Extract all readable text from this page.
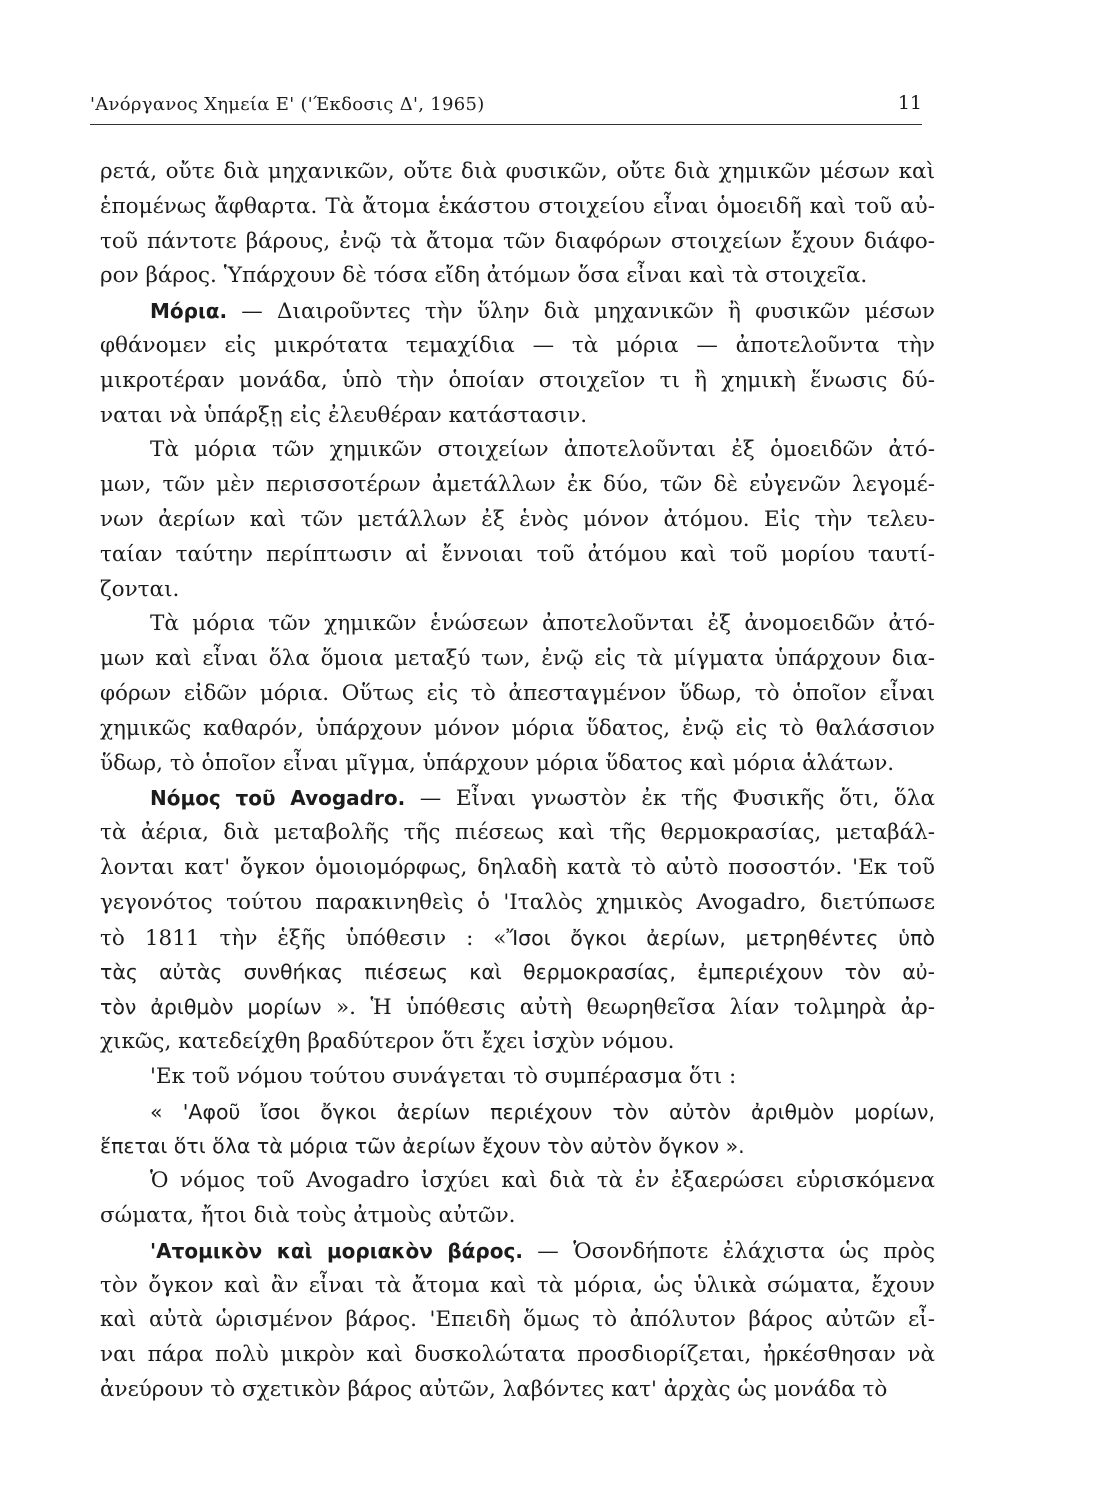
'Ανόργανος Χημεία Ε' ('Έκδοσις Δ', 1965)	11
ρετά, οὔτε διὰ μηχανικῶν, οὔτε διὰ φυσικῶν, οὔτε διὰ χημικῶν μέσων καὶ
ἑπομένως ἄφθαρτα. Τὰ ἄτομα ἑκάστου στοιχείου εἶναι ὁμοειδῆ καὶ τοῦ αὐ-
τοῦ πάντοτε βάρους, ἐνῷ τὰ ἄτομα τῶν διαφόρων στοιχείων ἔχουν διάφο-
ρον βάρος. Ὑπάρχουν δὲ τόσα εἴδη ἀτόμων ὅσα εἶναι καὶ τὰ στοιχεῖα.
Μόρια. — Διαιροῦντες τὴν ὕλην διὰ μηχανικῶν ἢ φυσικῶν μέσων
φθάνομεν εἰς μικρότατα τεμαχίδια — τὰ μόρια — ἀποτελοῦντα τὴν
μικροτέραν μονάδα, ὑπὸ τὴν ὁποίαν στοιχεῖον τι ἢ χημικὴ ἕνωσις δύ-
ναται νὰ ὑπάρξῃ εἰς ἐλευθέραν κατάστασιν.
Τὰ μόρια τῶν χημικῶν στοιχείων ἀποτελοῦνται ἐξ ὁμοειδῶν ἀτό-
μων, τῶν μὲν περισσοτέρων ἀμετάλλων ἐκ δύο, τῶν δὲ εὐγενῶν λεγομέ-
νων ἀερίων καὶ τῶν μετάλλων ἐξ ἑνὸς μόνον ἀτόμου. Εἰς τὴν τελευ-
ταίαν ταύτην περίπτωσιν αἱ ἔννοιαι τοῦ ἀτόμου καὶ τοῦ μορίου ταυτί-
ζονται.
Τὰ μόρια τῶν χημικῶν ἑνώσεων ἀποτελοῦνται ἐξ ἀνομοειδῶν ἀτό-
μων καὶ εἶναι ὅλα ὅμοια μεταξύ των, ἐνῷ εἰς τὰ μίγματα ὑπάρχουν δια-
φόρων εἰδῶν μόρια. Οὕτως εἰς τὸ ἀπεσταγμένον ὕδωρ, τὸ ὁποῖον εἶναι
χημικῶς καθαρόν, ὑπάρχουν μόνον μόρια ὕδατος, ἐνῷ εἰς τὸ θαλάσσιον
ὕδωρ, τὸ ὁποῖον εἶναι μῖγμα, ὑπάρχουν μόρια ὕδατος καὶ μόρια ἁλάτων.
Νόμος τοῦ Avogadro. — Εἶναι γνωστὸν ἐκ τῆς Φυσικῆς ὅτι, ὅλα
τὰ ἀέρια, διὰ μεταβολῆς τῆς πιέσεως καὶ τῆς θερμοκρασίας, μεταβάλ-
λονται κατ' ὄγκον ὁμοιομόρφως, δηλαδὴ κατὰ τὸ αὐτὸ ποσοστόν. 'Εκ τοῦ
γεγονότος τούτου παρακινηθεὶς ὁ 'Ιταλὸς χημικὸς Avogadro, διετύπωσε
τὸ 1811 τὴν ἑξῆς ὑπόθεσιν : «Ἴσοι ὄγκοι ἀερίων, μετρηθέντες ὑπὸ
τὰς αὐτὰς συνθήκας πιέσεως καὶ θερμοκρασίας, ἐμπεριέχουν τὸν αὐ-
τὸν ἀριθμὸν μορίων ». Ἡ ὑπόθεσις αὐτὴ θεωρηθεῖσα λίαν τολμηρὰ ἀρ-
χικῶς, κατεδείχθη βραδύτερον ὅτι ἔχει ἰσχὺν νόμου.
'Εκ τοῦ νόμου τούτου συνάγεται τὸ συμπέρασμα ὅτι :
« 'Αφοῦ ἴσοι ὄγκοι ἀερίων περιέχουν τὸν αὐτὸν ἀριθμὸν μορίων,
ἕπεται ὅτι ὅλα τὰ μόρια τῶν ἀερίων ἔχουν τὸν αὐτὸν ὄγκον ».
Ὁ νόμος τοῦ Avogadro ἰσχύει καὶ διὰ τὰ ἐν ἐξαερώσει εὑρισκόμενα
σώματα, ἤτοι διὰ τοὺς ἀτμοὺς αὐτῶν.
'Ατομικὸν καὶ μοριακὸν βάρος. — Ὁσονδήποτε ἐλάχιστα ὡς πρὸς
τὸν ὄγκον καὶ ἂν εἶναι τὰ ἄτομα καὶ τὰ μόρια, ὡς ὑλικὰ σώματα, ἔχουν
καὶ αὐτὰ ὡρισμένον βάρος. 'Επειδὴ ὅμως τὸ ἀπόλυτον βάρος αὐτῶν εἶ-
ναι πάρα πολὺ μικρὸν καὶ δυσκολώτατα προσδιορίζεται, ἠρκέσθησαν νὰ
ἀνεύρουν τὸ σχετικὸν βάρος αὐτῶν, λαβόντες κατ' ἀρχὰς ὡς μονάδα τὸ
